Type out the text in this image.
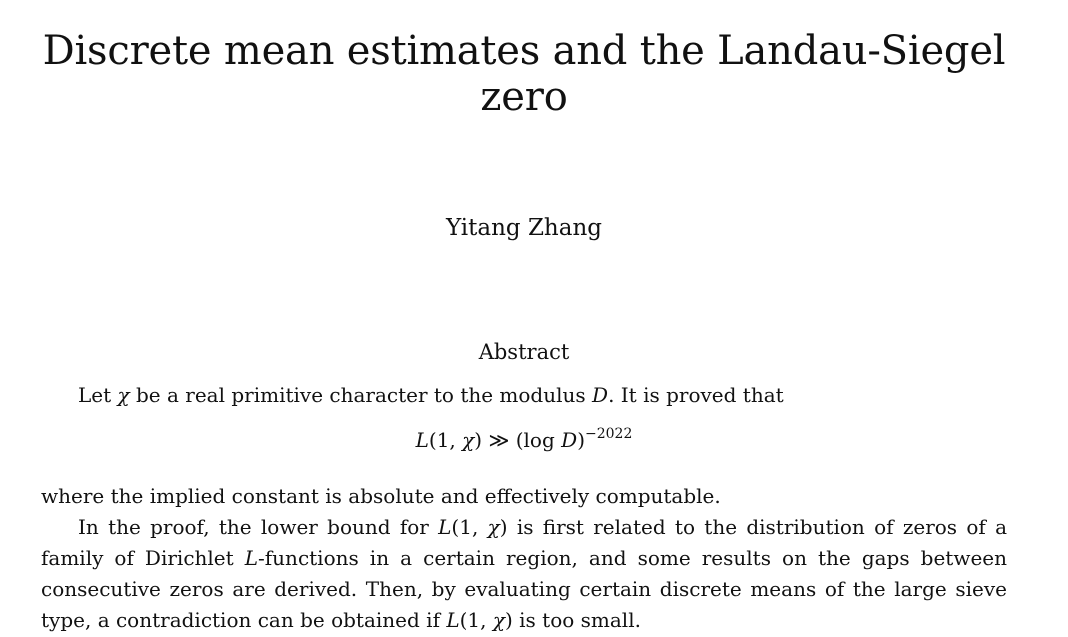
Discrete mean estimates and the Landau-Siegel zero
Yitang Zhang
Abstract
Let χ be a real primitive character to the modulus D. It is proved that
L(1, χ) ≫ (log D)$^{-2022}$
where the implied constant is absolute and effectively computable.
In the proof, the lower bound for L(1, χ) is first related to the distribution of zeros of a family of Dirichlet L-functions in a certain region, and some results on the gaps between consecutive zeros are derived. Then, by evaluating certain discrete means of the large sieve type, a contradiction can be obtained if L(1, χ) is too small.
